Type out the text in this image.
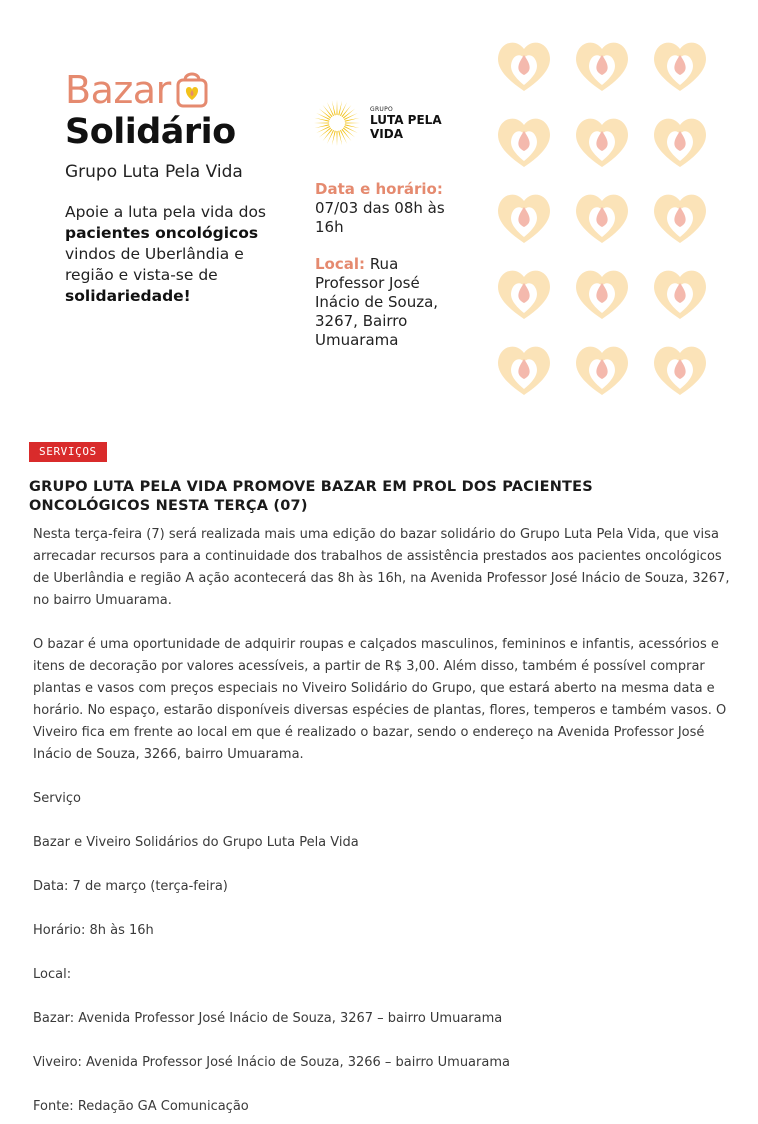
Bazar
Solidário
Grupo Luta Pela Vida
Apoie a luta pela vida dos pacientes oncológicos vindos de Uberlândia e região e vista-se de solidariedade!
GRUPO
LUTA PELA
VIDA
Data e horário: 07/03 das 08h às 16h
Local: Rua Professor José Inácio de Souza, 3267, Bairro Umuarama
SERVIÇOS
GRUPO LUTA PELA VIDA PROMOVE BAZAR EM PROL DOS PACIENTES ONCOLÓGICOS NESTA TERÇA (07)

Nesta terça-feira (7) será realizada mais uma edição do bazar solidário do Grupo Luta Pela Vida, que visa arrecadar recursos para a continuidade dos trabalhos de assistência prestados aos pacientes oncológicos de Uberlândia e região A ação acontecerá das 8h às 16h, na Avenida Professor José Inácio de Souza, 3267, no bairro Umuarama.

O bazar é uma oportunidade de adquirir roupas e calçados masculinos, femininos e infantis, acessórios e itens de decoração por valores acessíveis, a partir de R$ 3,00. Além disso, também é possível comprar plantas e vasos com preços especiais no Viveiro Solidário do Grupo, que estará aberto na mesma data e horário. No espaço, estarão disponíveis diversas espécies de plantas, flores, temperos e também vasos. O Viveiro fica em frente ao local em que é realizado o bazar, sendo o endereço na Avenida Professor José Inácio de Souza, 3266, bairro Umuarama.

Serviço

Bazar e Viveiro Solidários do Grupo Luta Pela Vida

Data: 7 de março (terça-feira)

Horário: 8h às 16h

Local:

Bazar: Avenida Professor José Inácio de Souza, 3267 – bairro Umuarama

Viveiro: Avenida Professor José Inácio de Souza, 3266 – bairro Umuarama

Fonte: Redação GA Comunicação
